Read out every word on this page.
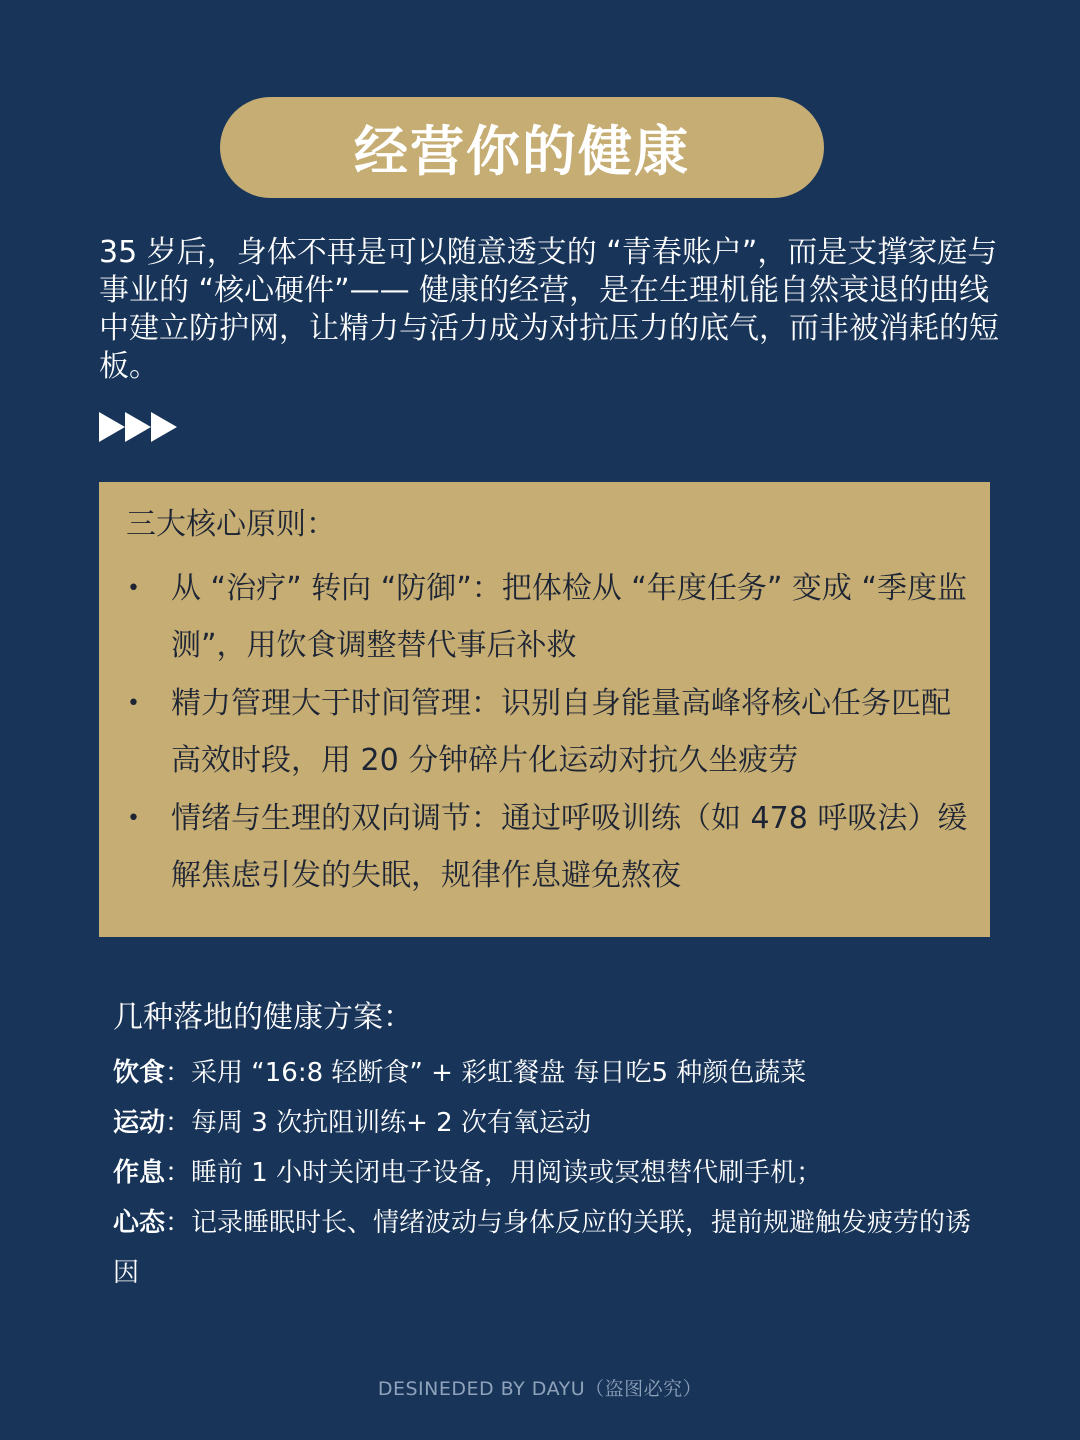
经营你的健康

35 岁后，身体不再是可以随意透支的 “青春账户”，而是支撑家庭与事业的 “核心硬件”—— 健康的经营，是在生理机能自然衰退的曲线中建立防护网，让精力与活力成为对抗压力的底气，而非被消耗的短板。

三大核心原则：
• 从 “治疗” 转向 “防御”：把体检从 “年度任务” 变成 “季度监测”，用饮食调整替代事后补救
• 精力管理大于时间管理：识别自身能量高峰将核心任务匹配高效时段，用 20 分钟碎片化运动对抗久坐疲劳
• 情绪与生理的双向调节：通过呼吸训练（如 478 呼吸法）缓解焦虑引发的失眠，规律作息避免熬夜
几种落地的健康方案：
饮食：采用 “16:8 轻断食” + 彩虹餐盘 每日吃5 种颜色蔬菜
运动：每周 3 次抗阻训练+ 2 次有氧运动
作息：睡前 1 小时关闭电子设备，用阅读或冥想替代刷手机；
心态：记录睡眠时长、情绪波动与身体反应的关联，提前规避触发疲劳的诱因
DESINEDED BY DAYU（盗图必究）
